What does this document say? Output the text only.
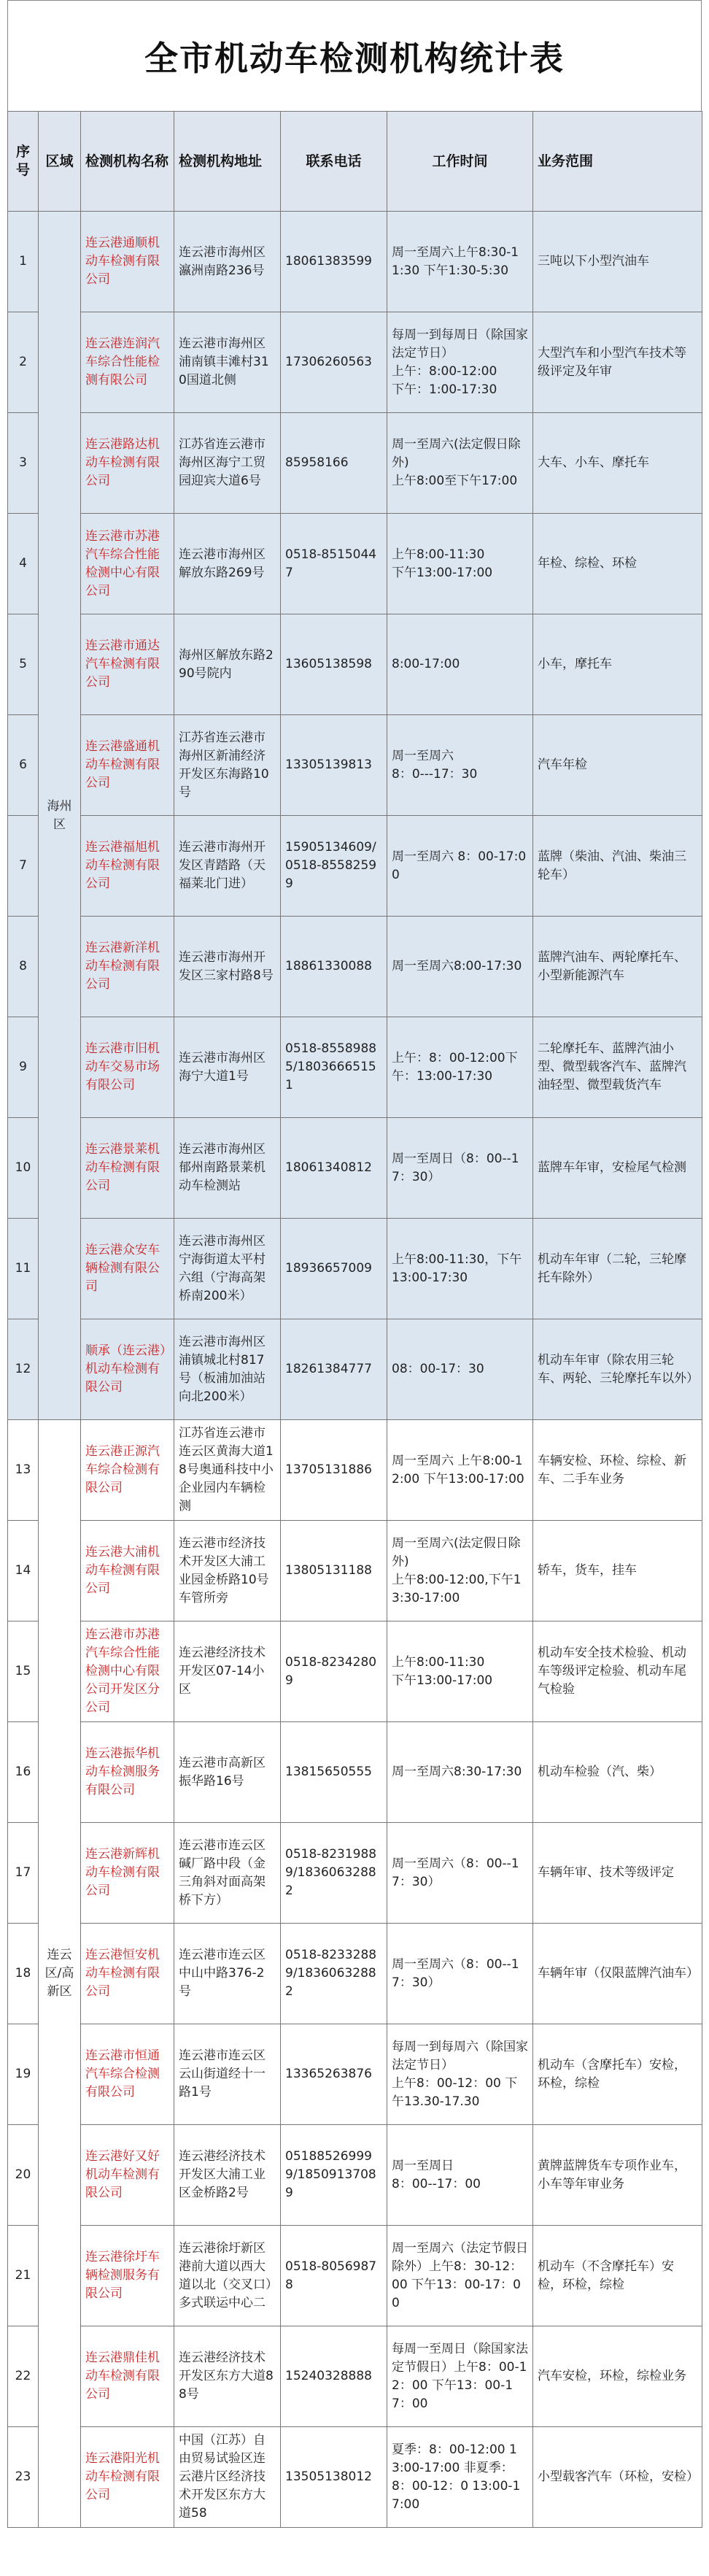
全市机动车检测机构统计表
序号	区域	检测机构名称	检测机构地址	联系电话	工作时间	业务范围
1	海州区	连云港通顺机动车检测有限公司	连云港市海州区瀛洲南路236号	18061383599	周一至周六上午8:30-11:30 下午1:30-5:30	三吨以下小型汽油车
2		连云港连润汽车综合性能检测有限公司	连云港市海州区浦南镇丰滩村310国道北侧	17306260563	每周一到每周日（除国家法定节日）
上午：8:00-12:00
下午：1:00-17:30	大型汽车和小型汽车技术等级评定及年审
3		连云港路达机动车检测有限公司	江苏省连云港市海州区海宁工贸园迎宾大道6号	85958166	周一至周六(法定假日除外)
上午8:00至下午17:00	大车、小车、摩托车
4		连云港市苏港汽车综合性能检测中心有限公司	连云港市海州区解放东路269号	0518-85150447	上午8:00-11:30
下午13:00-17:00	年检、综检、环检
5		连云港市通达汽车检测有限公司	海州区解放东路290号院内	13605138598	8:00-17:00	小车，摩托车
6		连云港盛通机动车检测有限公司	江苏省连云港市海州区新浦经济开发区东海路10号	13305139813	周一至周六
8：0---17：30	汽车年检
7		连云港福旭机动车检测有限公司	连云港市海州开发区青踏路（天福莱北门进）	15905134609/0518-85582599	周一至周六 8：00-17:00	蓝牌（柴油、汽油、柴油三轮车）
8		连云港新洋机动车检测有限公司	连云港市海州开发区三家村路8号	18861330088	周一至周六8:00-17:30	蓝牌汽油车、两轮摩托车、小型新能源汽车
9		连云港市旧机动车交易市场有限公司	连云港市海州区海宁大道1号	0518-85589885/18036665151	上午：8：00-12:00下午：13:00-17:30	二轮摩托车、蓝牌汽油小型、微型载客汽车、蓝牌汽油轻型、微型载货汽车
10		连云港景莱机动车检测有限公司	连云港市海州区郁州南路景莱机动车检测站	18061340812	周一至周日（8：00--17：30）	蓝牌车年审，安检尾气检测
11		连云港众安车辆检测有限公司	连云港市海州区宁海街道太平村六组（宁海高架桥南200米）	18936657009	上午8:00-11:30，下午13:00-17:30	机动车年审（二轮，三轮摩托车除外）
12		顺承（连云港）机动车检测有限公司	连云港市海州区浦镇城北村817号（板浦加油站向北200米）	18261384777	08：00-17：30	机动车年审（除农用三轮车、两轮、三轮摩托车以外）
13	连云区/高新区	连云港正源汽车综合检测有限公司	江苏省连云港市连云区黄海大道18号奥通科技中小企业园内车辆检测	13705131886	周一至周六 上午8:00-12:00 下午13:00-17:00	车辆安检、环检、综检、新车、二手车业务
14		连云港大浦机动车检测有限公司	连云港市经济技术开发区大浦工业园金桥路10号车管所旁	13805131188	周一至周六(法定假日除外)
上午8:00-12:00,下午13:30-17:00	轿车，货车，挂车
15		连云港市苏港汽车综合性能检测中心有限公司开发区分公司	连云港经济技术开发区07-14小区	0518-82342809	上午8:00-11:30
下午13:00-17:00	机动车安全技术检验、机动车等级评定检验、机动车尾气检验
16		连云港振华机动车检测服务有限公司	连云港市高新区振华路16号	13815650555	周一至周六8:30-17:30	机动车检验（汽、柴）
17		连云港新辉机动车检测有限公司	连云港市连云区碱厂路中段（金三角斜对面高架桥下方）	0518-82319889/18360632882	周一至周六（8：00--17：30）	车辆年审、技术等级评定
18		连云港恒安机动车检测有限公司	连云港市连云区中山中路376-2号	0518-82332889/18360632882	周一至周六（8：00--17：30）	车辆年审（仅限蓝牌汽油车）
19		连云港市恒通汽车综合检测有限公司	连云港市连云区云山街道经十一路1号	13365263876	每周一到每周六（除国家法定节日）
上午8：00-12：00 下午13.30-17.30	机动车（含摩托车）安检，环检，综检
20		连云港好又好机动车检测有限公司	连云港经济技术开发区大浦工业区金桥路2号	051885269999/1850913708 9	周一至周日
8：00--17：00	黄牌蓝牌货车专项作业车，小车等年审业务
21		连云港徐圩车辆检测服务有限公司	连云港徐圩新区港前大道以西大道以北（交叉口）多式联运中心二	0518-80569878	周一至周六（法定节假日除外）上午8：30-12：00 下午13：00-17：00	机动车（不含摩托车）安检，环检，综检
22		连云港鼎佳机动车检测有限公司	连云港经济技术开发区东方大道88号	15240328888	每周一至周日（除国家法定节假日）上午8：00-12：00 下午13：00-17：00	汽车安检，环检，综检业务
23		连云港阳光机动车检测有限公司	中国（江苏）自由贸易试验区连云港片区经济技术开发区东方大道58	13505138012	夏季：8：00-12:00 13:00-17:00 非夏季：8：00-12：0 13:00-17:00	小型载客汽车（环检，安检）
